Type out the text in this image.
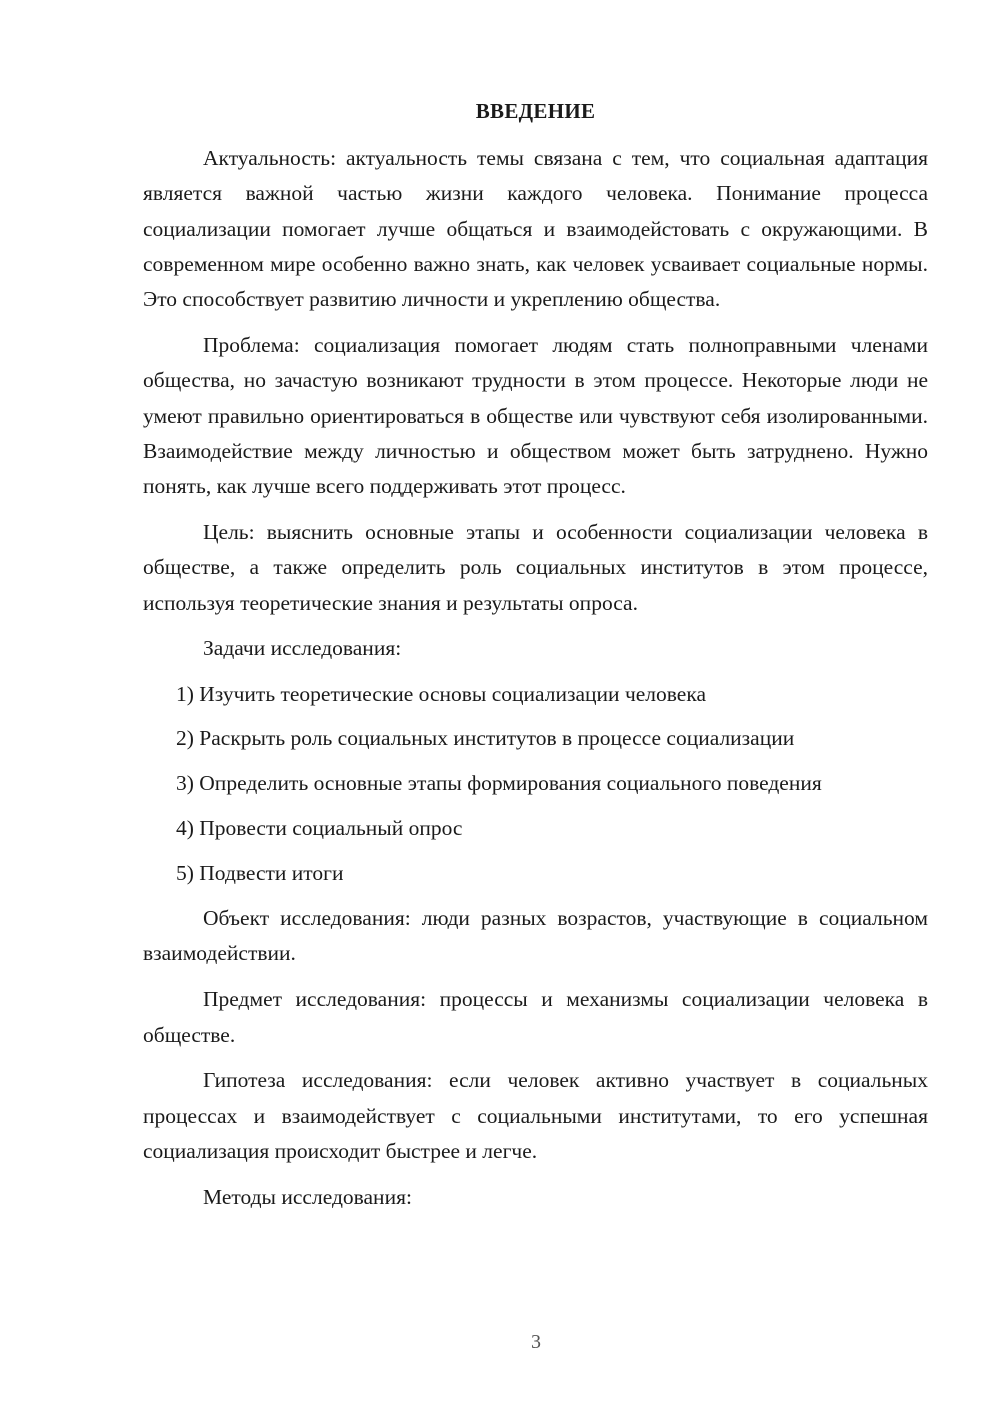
ВВЕДЕНИЕ

Актуальность: актуальность темы связана с тем, что социальная адаптация является важной частью жизни каждого человека. Понимание процесса социализации помогает лучше общаться и взаимодейстовать с окружающими. В современном мире особенно важно знать, как человек усваивает социальные нормы. Это способствует развитию личности и укреплению общества.

Проблема: социализация помогает людям стать полноправными членами общества, но зачастую возникают трудности в этом процессе. Некоторые люди не умеют правильно ориентироваться в обществе или чувствуют себя изолированными. Взаимодействие между личностью и обществом может быть затруднено. Нужно понять, как лучше всего поддерживать этот процесс.

Цель: выяснить основные этапы и особенности социализации человека в обществе, а также определить роль социальных институтов в этом процессе, используя теоретические знания и результаты опроса.

Задачи исследования:

1) Изучить теоретические основы социализации человека
2) Раскрыть роль социальных институтов в процессе социализации
3) Определить основные этапы формирования социального поведения
4) Провести социальный опрос
5) Подвести итоги

Объект исследования: люди разных возрастов, участвующие в социальном взаимодействии.

Предмет исследования: процессы и механизмы социализации человека в обществе.

Гипотеза исследования: если человек активно участвует в социальных процессах и взаимодействует с социальными институтами, то его успешная социализация происходит быстрее и легче.

Методы исследования:

3
